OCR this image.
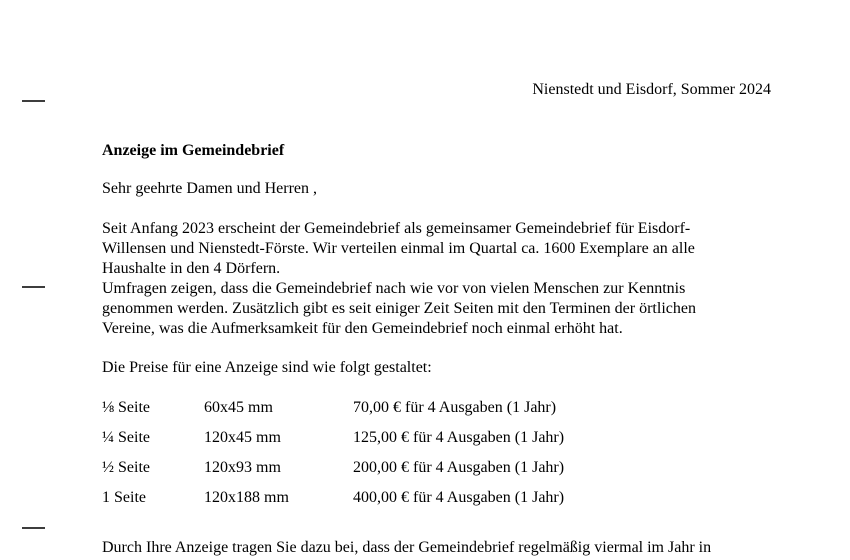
Nienstedt und Eisdorf, Sommer 2024
Anzeige im Gemeindebrief
Sehr geehrte Damen und Herren ,
Seit Anfang 2023 erscheint der Gemeindebrief als gemeinsamer Gemeindebrief für Eisdorf-
Willensen und Nienstedt-Förste. Wir verteilen einmal im Quartal ca. 1600 Exemplare an alle
Haushalte in den 4 Dörfern.
Umfragen zeigen, dass die Gemeindebrief nach wie vor von vielen Menschen zur Kenntnis
genommen werden. Zusätzlich gibt es seit einiger Zeit Seiten mit den Terminen der örtlichen
Vereine, was die Aufmerksamkeit für den Gemeindebrief noch einmal erhöht hat.
Die Preise für eine Anzeige sind wie folgt gestaltet:
⅛ Seite	60x45 mm	70,00 € für 4 Ausgaben (1 Jahr)
¼ Seite	120x45 mm	125,00 € für 4 Ausgaben (1 Jahr)
½ Seite	120x93 mm	200,00 € für 4 Ausgaben (1 Jahr)
1 Seite	120x188 mm	400,00 € für 4 Ausgaben (1 Jahr)
Durch Ihre Anzeige tragen Sie dazu bei, dass der Gemeindebrief regelmäßig viermal im Jahr in
